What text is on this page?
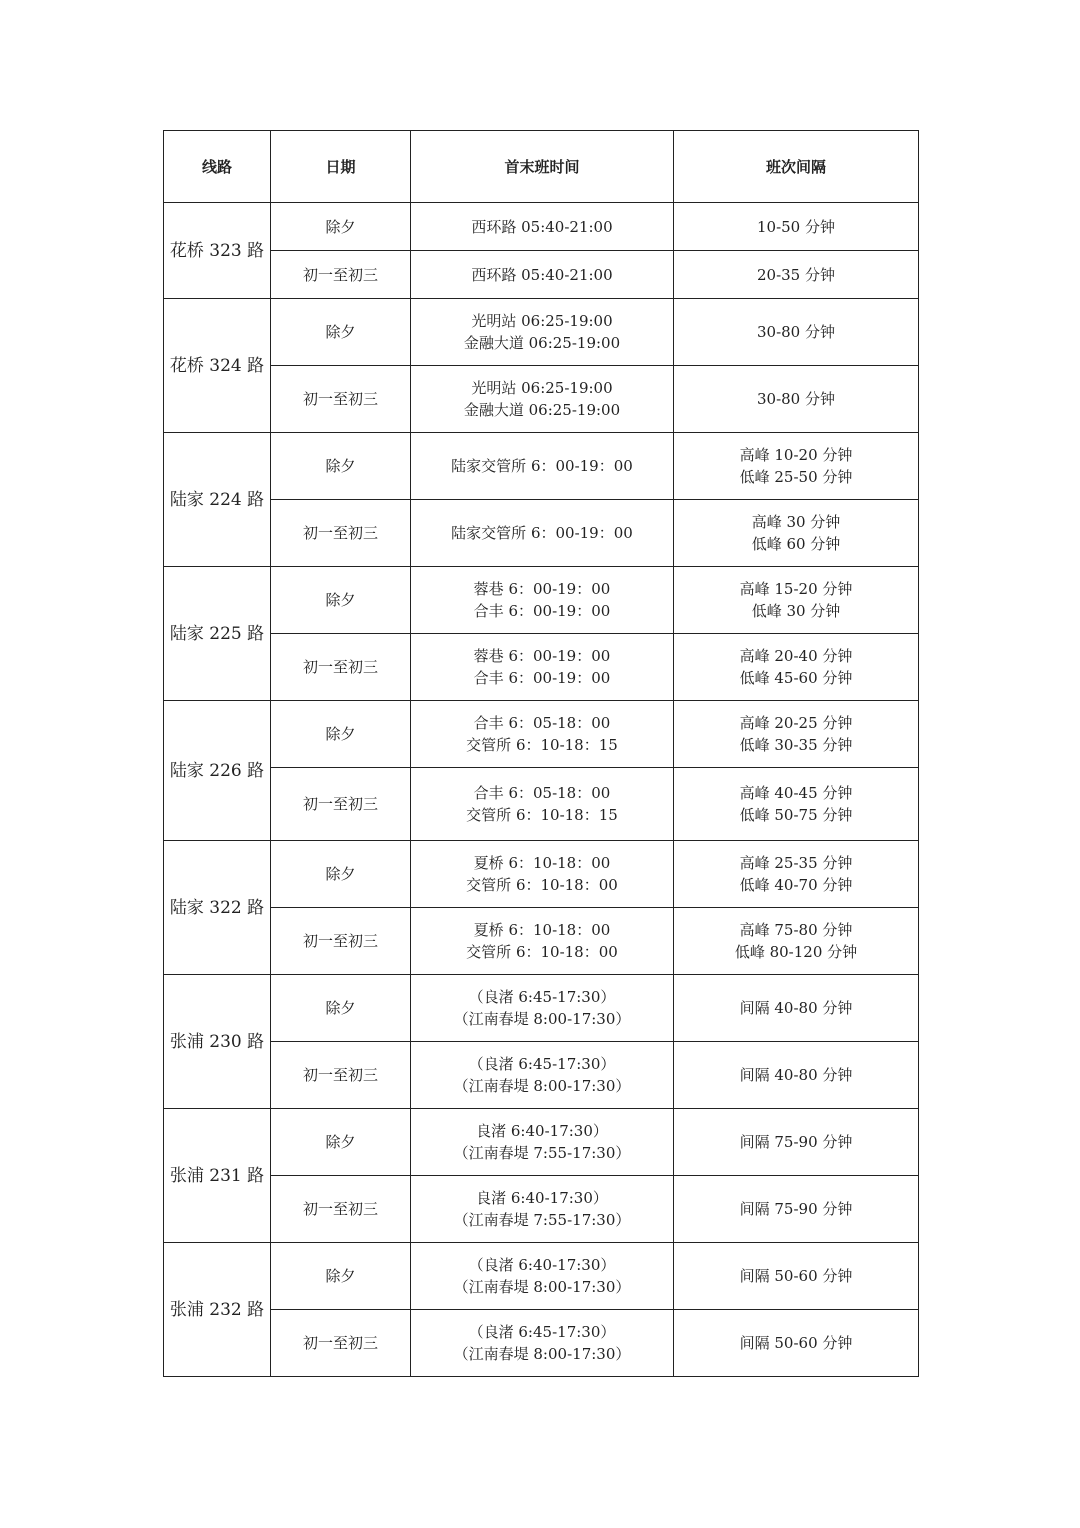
线路	日期	首末班时间	班次间隔
花桥 323 路	除夕	西环路 05:40-21:00	10-50 分钟

	初一至初三	西环路 05:40-21:00	20-35 分钟

花桥 324 路	除夕	光明站 06:25-19:00
金融大道 06:25-19:00	30-80 分钟

	初一至初三	光明站 06:25-19:00
金融大道 06:25-19:00	30-80 分钟

陆家 224 路	除夕	陆家交管所 6：00-19：00	高峰 10-20 分钟
低峰 25-50 分钟

	初一至初三	陆家交管所 6：00-19：00	高峰 30 分钟
低峰 60 分钟

陆家 225 路	除夕	蓉巷 6：00-19：00
合丰 6：00-19：00	高峰 15-20 分钟
低峰 30 分钟

	初一至初三	蓉巷 6：00-19：00
合丰 6：00-19：00	高峰 20-40 分钟
低峰 45-60 分钟

陆家 226 路	除夕	合丰 6：05-18：00
交管所 6：10-18：15	高峰 20-25 分钟
低峰 30-35 分钟

	初一至初三	合丰 6：05-18：00
交管所 6：10-18：15	高峰 40-45 分钟
低峰 50-75 分钟

陆家 322 路	除夕	夏桥 6：10-18：00
交管所 6：10-18：00	高峰 25-35 分钟
低峰 40-70 分钟

	初一至初三	夏桥 6：10-18：00
交管所 6：10-18：00	高峰 75-80 分钟
低峰 80-120 分钟

张浦 230 路	除夕	（良渚 6:45-17:30）
（江南春堤 8:00-17:30）	间隔 40-80 分钟

	初一至初三	（良渚 6:45-17:30）
（江南春堤 8:00-17:30）	间隔 40-80 分钟

张浦 231 路	除夕	良渚 6:40-17:30）
（江南春堤 7:55-17:30）	间隔 75-90 分钟

	初一至初三	良渚 6:40-17:30）
（江南春堤 7:55-17:30）	间隔 75-90 分钟

张浦 232 路	除夕	（良渚 6:40-17:30）
（江南春堤 8:00-17:30）	间隔 50-60 分钟

	初一至初三	（良渚 6:45-17:30）
（江南春堤 8:00-17:30）	间隔 50-60 分钟
